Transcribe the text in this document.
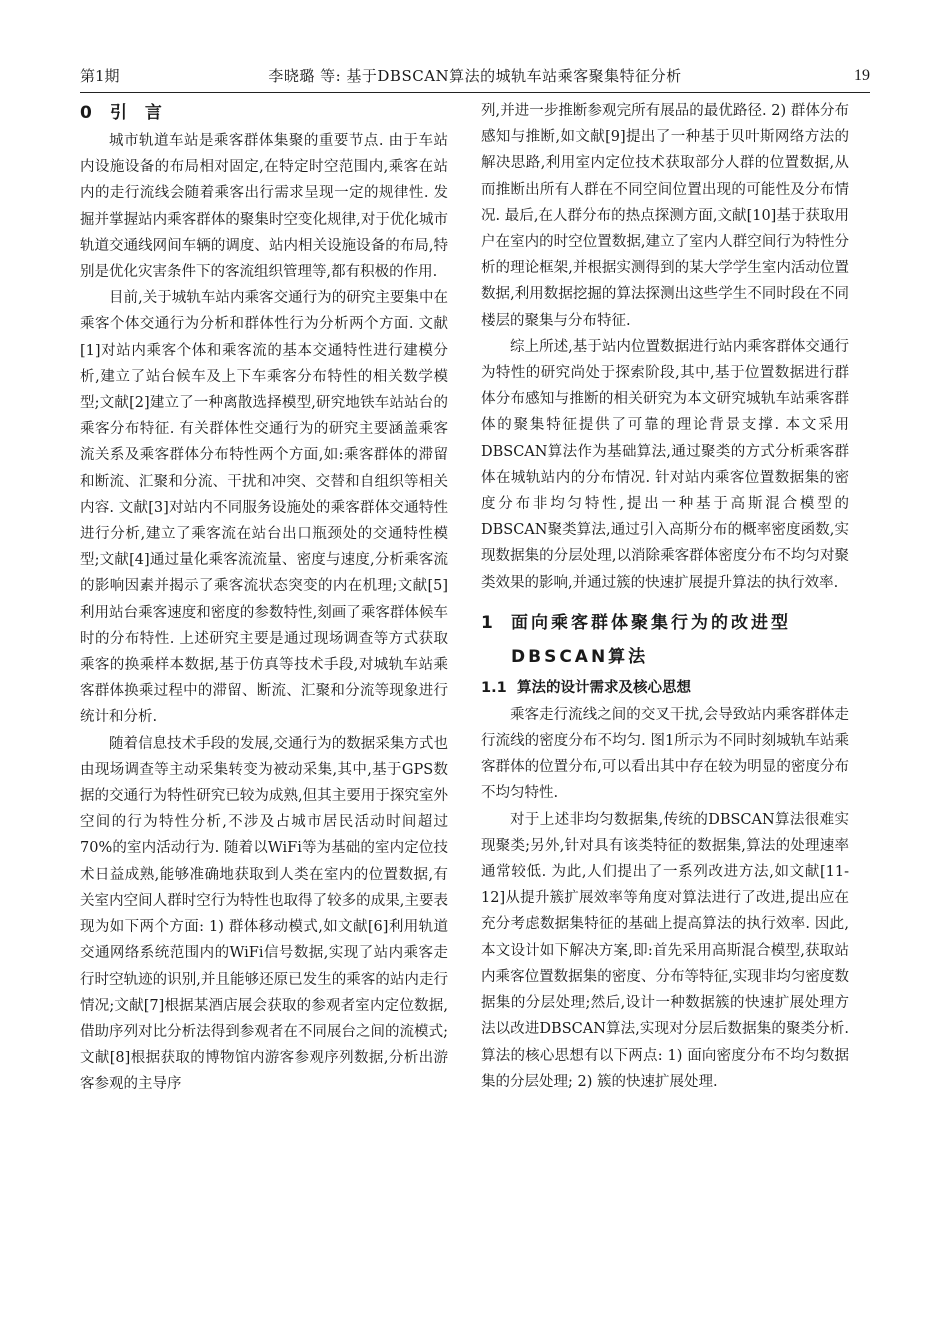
第1期	李晓璐 等: 基于DBSCAN算法的城轨车站乘客聚集特征分析	19
0	引 言

城市轨道车站是乘客群体集聚的重要节点. 由于车站内设施设备的布局相对固定,在特定时空范围内,乘客在站内的走行流线会随着乘客出行需求呈现一定的规律性. 发掘并掌握站内乘客群体的聚集时空变化规律,对于优化城市轨道交通线网间车辆的调度、站内相关设施设备的布局,特别是优化灾害条件下的客流组织管理等,都有积极的作用.

目前,关于城轨车站内乘客交通行为的研究主要集中在乘客个体交通行为分析和群体性行为分析两个方面. 文献[1]对站内乘客个体和乘客流的基本交通特性进行建模分析,建立了站台候车及上下车乘客分布特性的相关数学模型;文献[2]建立了一种离散选择模型,研究地铁车站站台的乘客分布特征. 有关群体性交通行为的研究主要涵盖乘客流关系及乘客群体分布特性两个方面,如:乘客群体的滞留和断流、汇聚和分流、干扰和冲突、交替和自组织等相关内容. 文献[3]对站内不同服务设施处的乘客群体交通特性进行分析,建立了乘客流在站台出口瓶颈处的交通特性模型;文献[4]通过量化乘客流流量、密度与速度,分析乘客流的影响因素并揭示了乘客流状态突变的内在机理;文献[5]利用站台乘客速度和密度的参数特性,刻画了乘客群体候车时的分布特性. 上述研究主要是通过现场调查等方式获取乘客的换乘样本数据,基于仿真等技术手段,对城轨车站乘客群体换乘过程中的滞留、断流、汇聚和分流等现象进行统计和分析.

随着信息技术手段的发展,交通行为的数据采集方式也由现场调查等主动采集转变为被动采集,其中,基于GPS数据的交通行为特性研究已较为成熟,但其主要用于探究室外空间的行为特性分析,不涉及占城市居民活动时间超过70%的室内活动行为. 随着以WiFi等为基础的室内定位技术日益成熟,能够准确地获取到人类在室内的位置数据,有关室内空间人群时空行为特性也取得了较多的成果,主要表现为如下两个方面: 1) 群体移动模式,如文献[6]利用轨道交通网络系统范围内的WiFi信号数据,实现了站内乘客走行时空轨迹的识别,并且能够还原已发生的乘客的站内走行情况;文献[7]根据某酒店展会获取的参观者室内定位数据,借助序列对比分析法得到参观者在不同展台之间的流模式;文献[8]根据获取的博物馆内游客参观序列数据,分析出游客参观的主导序

列,并进一步推断参观完所有展品的最优路径. 2) 群体分布感知与推断,如文献[9]提出了一种基于贝叶斯网络方法的解决思路,利用室内定位技术获取部分人群的位置数据,从而推断出所有人群在不同空间位置出现的可能性及分布情况. 最后,在人群分布的热点探测方面,文献[10]基于获取用户在室内的时空位置数据,建立了室内人群空间行为特性分析的理论框架,并根据实测得到的某大学学生室内活动位置数据,利用数据挖掘的算法探测出这些学生不同时段在不同楼层的聚集与分布特征.

综上所述,基于站内位置数据进行站内乘客群体交通行为特性的研究尚处于探索阶段,其中,基于位置数据进行群体分布感知与推断的相关研究为本文研究城轨车站乘客群体的聚集特征提供了可靠的理论背景支撑. 本文采用DBSCAN算法作为基础算法,通过聚类的方式分析乘客群体在城轨站内的分布情况. 针对站内乘客位置数据集的密度分布非均匀特性,提出一种基于高斯混合模型的DBSCAN聚类算法,通过引入高斯分布的概率密度函数,实现数据集的分层处理,以消除乘客群体密度分布不均匀对聚类效果的影响,并通过簇的快速扩展提升算法的执行效率.

1	面向乘客群体聚集行为的改进型
DBSCAN算法
1.1 算法的设计需求及核心思想

乘客走行流线之间的交叉干扰,会导致站内乘客群体走行流线的密度分布不均匀. 图1所示为不同时刻城轨车站乘客群体的位置分布,可以看出其中存在较为明显的密度分布不均匀特性.

对于上述非均匀数据集,传统的DBSCAN算法很难实现聚类;另外,针对具有该类特征的数据集,算法的处理速率通常较低. 为此,人们提出了一系列改进方法,如文献[11-12]从提升簇扩展效率等角度对算法进行了改进,提出应在充分考虑数据集特征的基础上提高算法的执行效率. 因此,本文设计如下解决方案,即:首先采用高斯混合模型,获取站内乘客位置数据集的密度、分布等特征,实现非均匀密度数据集的分层处理;然后,设计一种数据簇的快速扩展处理方法以改进DBSCAN算法,实现对分层后数据集的聚类分析. 算法的核心思想有以下两点: 1) 面向密度分布不均匀数据集的分层处理; 2) 簇的快速扩展处理.
